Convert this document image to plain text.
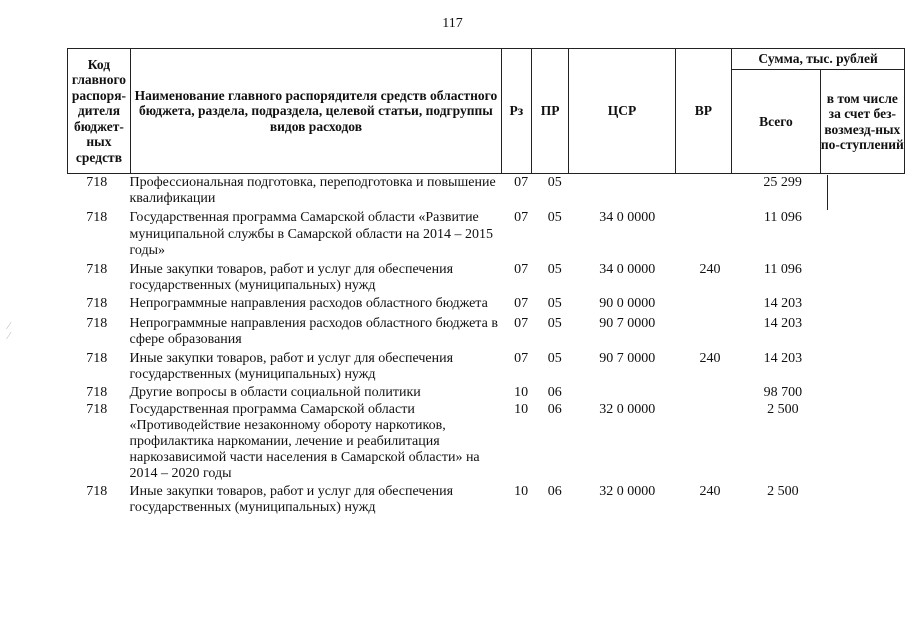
117
⁄
⁄
Код главного распоря-дителя бюджет-ных средств	Наименование главного распорядителя средств областного бюджета, раздела, подраздела, целевой статьи, подгруппы видов расходов	Рз	ПР	ЦСР	ВР	Сумма, тыс. рублей	
						Всего	в том числе за счет без-возмезд-ных по-ступлений
718	Профессиональная подготовка, переподготовка и повышение квалификации	07	05			25 299	
718	Государственная программа Самарской области «Развитие муниципальной службы в Самарской области на 2014 – 2015 годы»	07	05	34 0 0000		11 096	
718	Иные закупки товаров, работ и услуг для обеспечения государственных (муниципальных) нужд	07	05	34 0 0000	240	11 096	
718	Непрограммные направления расходов областного бюджета	07	05	90 0 0000		14 203	
718	Непрограммные направления расходов областного бюджета в сфере образования	07	05	90 7 0000		14 203	
718	Иные закупки товаров, работ и услуг для обеспечения государственных (муниципальных) нужд	07	05	90 7 0000	240	14 203	
718	Другие вопросы в области социальной политики	10	06			98 700	
718	Государственная программа Самарской области «Противодействие незаконному обороту наркотиков, профилактика наркомании, лечение и реабилитация наркозависимой части населения в Самарской области» на 2014 – 2020 годы	10	06	32 0 0000		2 500	
718	Иные закупки товаров, работ и услуг для обеспечения государственных (муниципальных) нужд	10	06	32 0 0000	240	2 500	
